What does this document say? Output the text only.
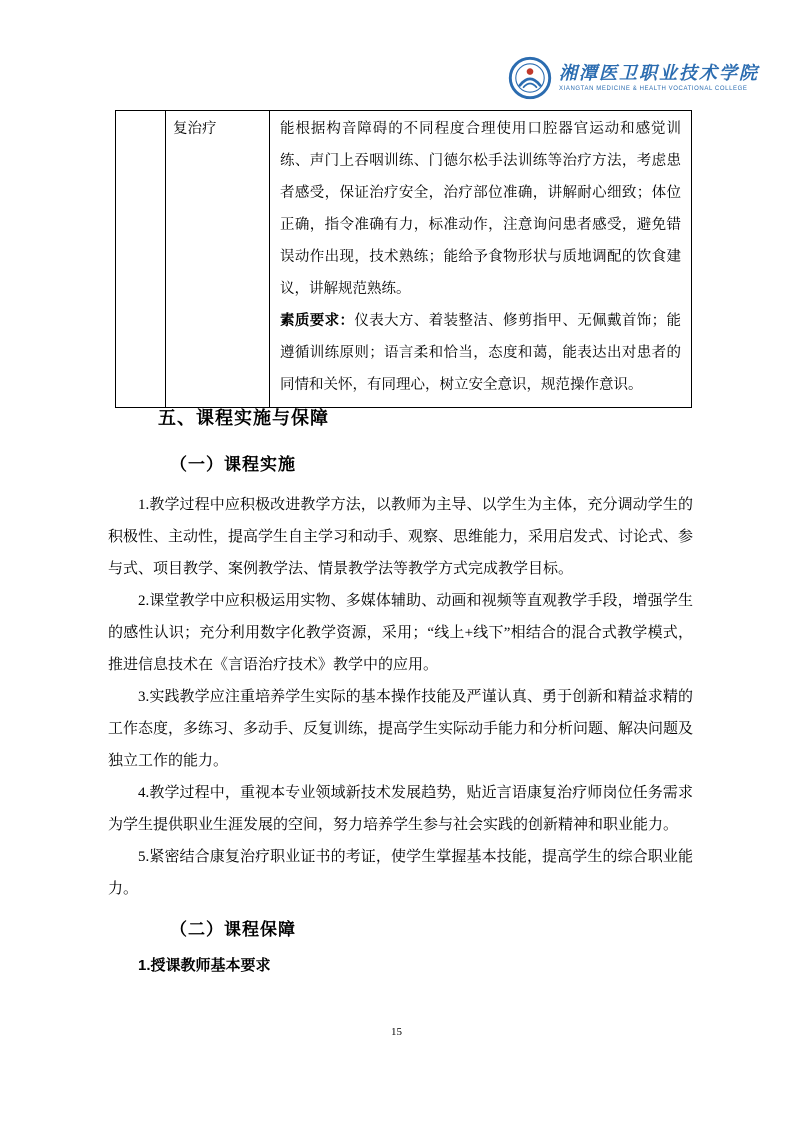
湘潭医卫职业技术学院
XIANGTAN MEDICINE & HEALTH VOCATIONAL COLLEGE
	复治疗	能根据构音障碍的不同程度合理使用口腔器官运动和感觉训练、声门上吞咽训练、门德尔松手法训练等治疗方法，考虑患者感受，保证治疗安全，治疗部位准确，讲解耐心细致；体位正确，指令准确有力，标准动作，注意询问患者感受，避免错误动作出现，技术熟练；能给予食物形状与质地调配的饮食建议，讲解规范熟练。
素质要求：仪表大方、着装整洁、修剪指甲、无佩戴首饰；能遵循训练原则；语言柔和恰当，态度和蔼，能表达出对患者的同情和关怀，有同理心，树立安全意识，规范操作意识。
五、课程实施与保障
（一）课程实施

1.教学过程中应积极改进教学方法，以教师为主导、以学生为主体，充分调动学生的积极性、主动性，提高学生自主学习和动手、观察、思维能力，采用启发式、讨论式、参与式、项目教学、案例教学法、情景教学法等教学方式完成教学目标。

2.课堂教学中应积极运用实物、多媒体辅助、动画和视频等直观教学手段，增强学生的感性认识；充分利用数字化教学资源，采用；“线上+线下”相结合的混合式教学模式，推进信息技术在《言语治疗技术》教学中的应用。

3.实践教学应注重培养学生实际的基本操作技能及严谨认真、勇于创新和精益求精的工作态度，多练习、多动手、反复训练，提高学生实际动手能力和分析问题、解决问题及独立工作的能力。

4.教学过程中，重视本专业领域新技术发展趋势，贴近言语康复治疗师岗位任务需求为学生提供职业生涯发展的空间，努力培养学生参与社会实践的创新精神和职业能力。

5.紧密结合康复治疗职业证书的考证，使学生掌握基本技能，提高学生的综合职业能力。

（二）课程保障
1.授课教师基本要求
15
